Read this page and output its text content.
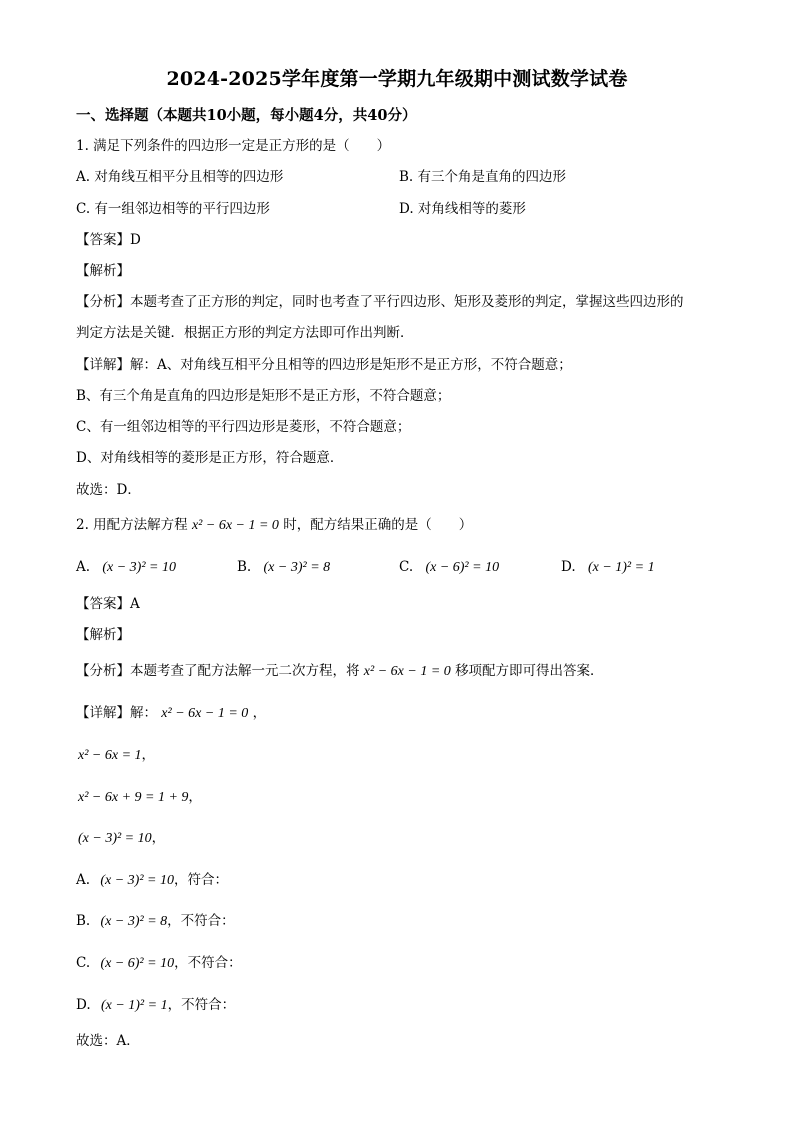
2024-2025学年度第一学期九年级期中测试数学试卷
一、选择题（本题共10小题，每小题4分，共40分）
1. 满足下列条件的四边形一定是正方形的是（　　）
A. 对角线互相平分且相等的四边形	B. 有三个角是直角的四边形
C. 有一组邻边相等的平行四边形	D. 对角线相等的菱形
【答案】D
【解析】
【分析】本题考查了正方形的判定，同时也考查了平行四边形、矩形及菱形的判定，掌握这些四边形的
判定方法是关键．根据正方形的判定方法即可作出判断．
【详解】解：A、对角线互相平分且相等的四边形是矩形不是正方形，不符合题意；
B、有三个角是直角的四边形是矩形不是正方形，不符合题意；
C、有一组邻边相等的平行四边形是菱形，不符合题意；
D、对角线相等的菱形是正方形，符合题意．
故选：D．
2. 用配方法解方程 x² − 6x − 1 = 0 时，配方结果正确的是（　　）
A. (x − 3)² = 10	B. (x − 3)² = 8	C. (x − 6)² = 10	D. (x − 1)² = 1
【答案】A
【解析】
【分析】本题考查了配方法解一元二次方程，将 x² − 6x − 1 = 0 移项配方即可得出答案．
【详解】解： x² − 6x − 1 = 0 ，
x² − 6x = 1，
x² − 6x + 9 = 1 + 9，
(x − 3)² = 10，
A. (x − 3)² = 10，符合：
B. (x − 3)² = 8，不符合：
C. (x − 6)² = 10，不符合：
D. (x − 1)² = 1，不符合：
故选：A．
